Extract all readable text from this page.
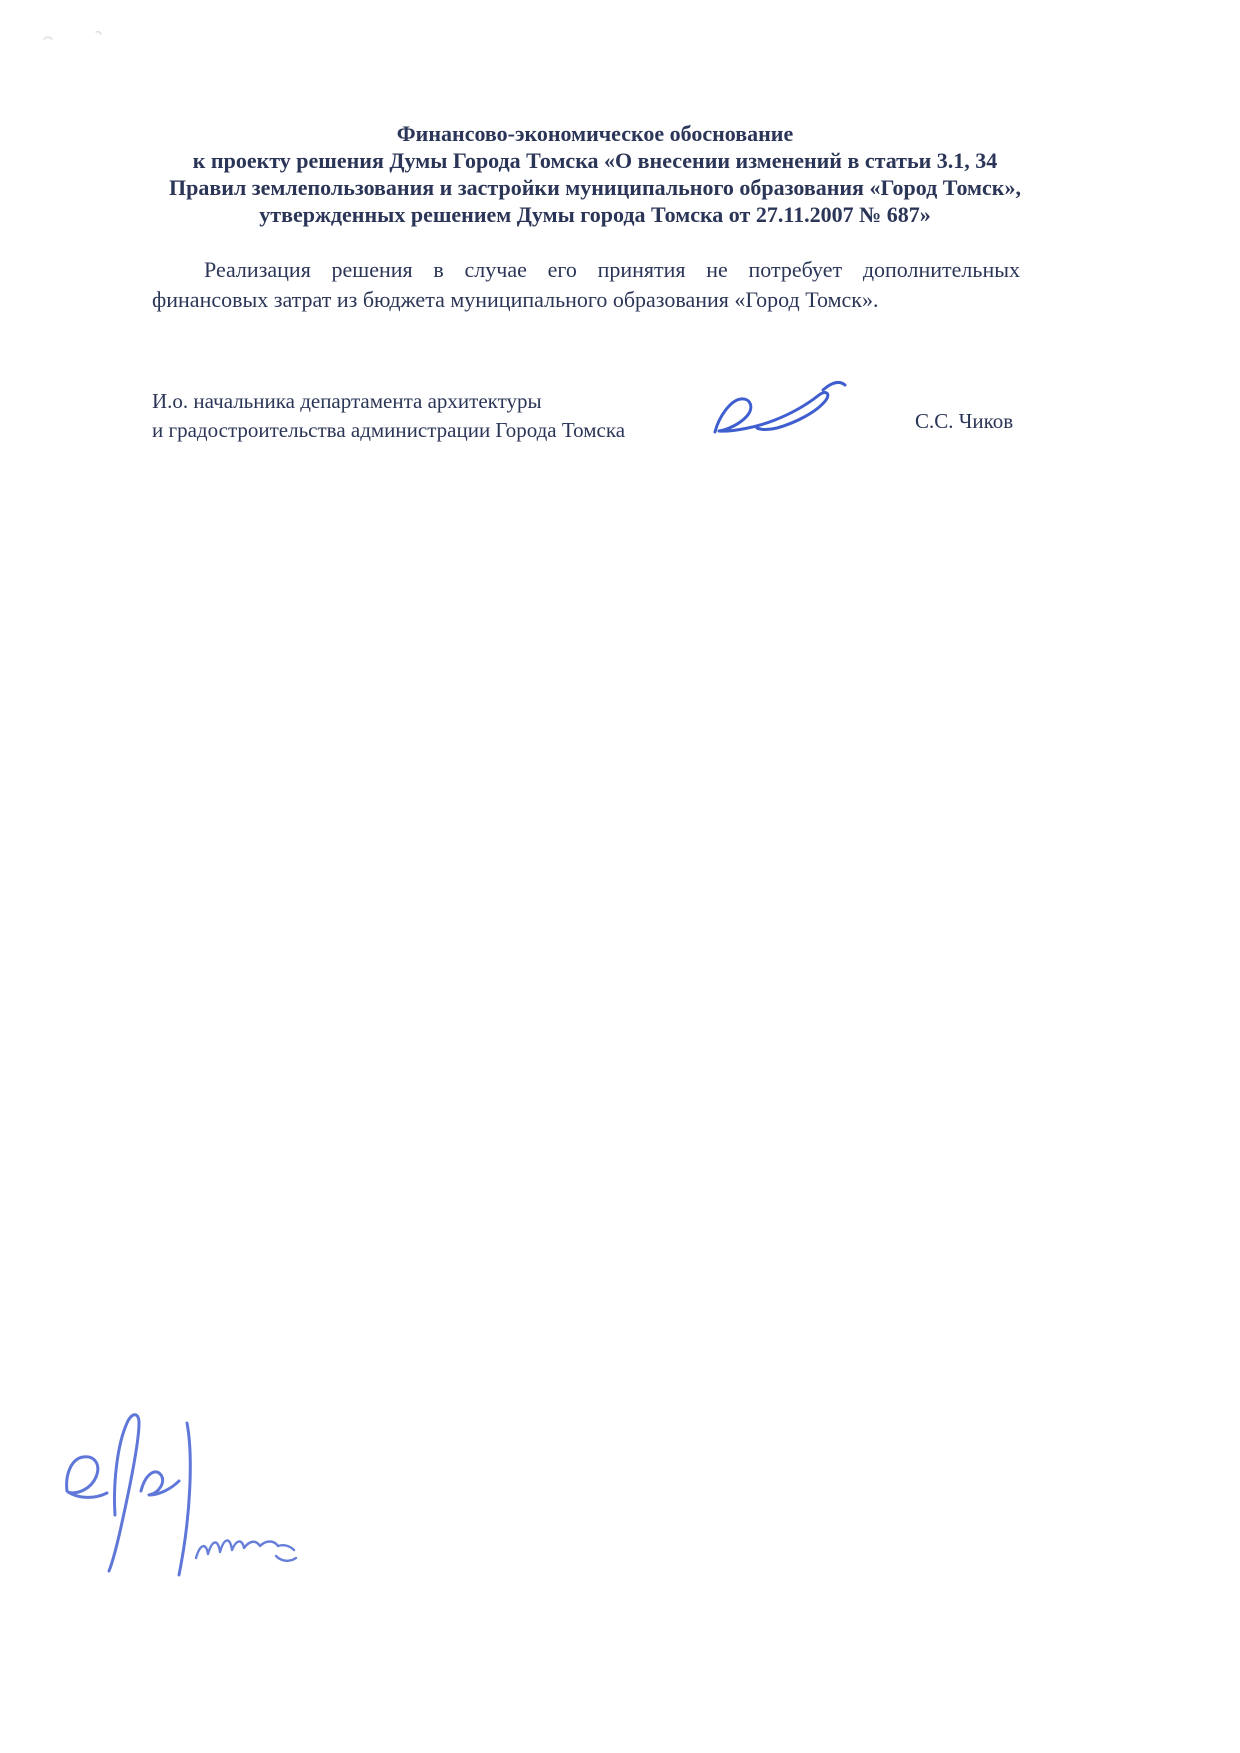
Финансово-экономическое обоснование
к проекту решения Думы Города Томска «О внесении изменений в статьи 3.1, 34
Правил землепользования и застройки муниципального образования «Город Томск»,
утвержденных решением Думы города Томска от 27.11.2007 № 687»
Реализация решения в случае его принятия не потребует дополнительных
финансовых затрат из бюджета муниципального образования «Город Томск».
И.о. начальника департамента архитектуры
и градостроительства администрации Города Томска	С.С. Чиков
